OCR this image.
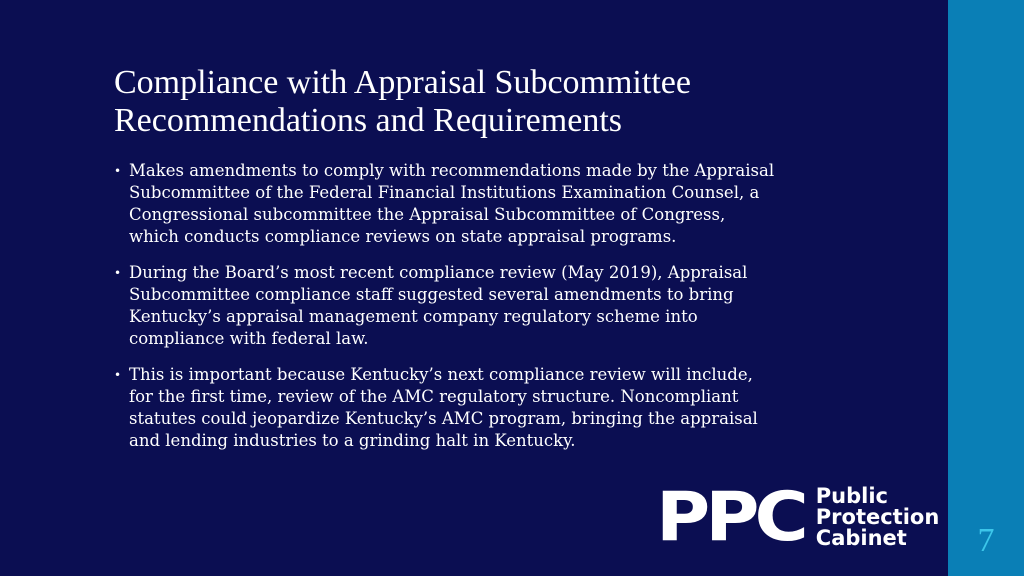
7
Compliance with Appraisal Subcommittee
Recommendations and Requirements
• Makes amendments to comply with recommendations made by the Appraisal
Subcommittee of the Federal Financial Institutions Examination Counsel, a
Congressional subcommittee the Appraisal Subcommittee of Congress,
which conducts compliance reviews on state appraisal programs.
• During the Board’s most recent compliance review (May 2019), Appraisal
Subcommittee compliance staff suggested several amendments to bring
Kentucky’s appraisal management company regulatory scheme into
compliance with federal law.
• This is important because Kentucky’s next compliance review will include,
for the first time, review of the AMC regulatory structure. Noncompliant
statutes could jeopardize Kentucky’s AMC program, bringing the appraisal
and lending industries to a grinding halt in Kentucky.
PPC Public
Protection
Cabinet
